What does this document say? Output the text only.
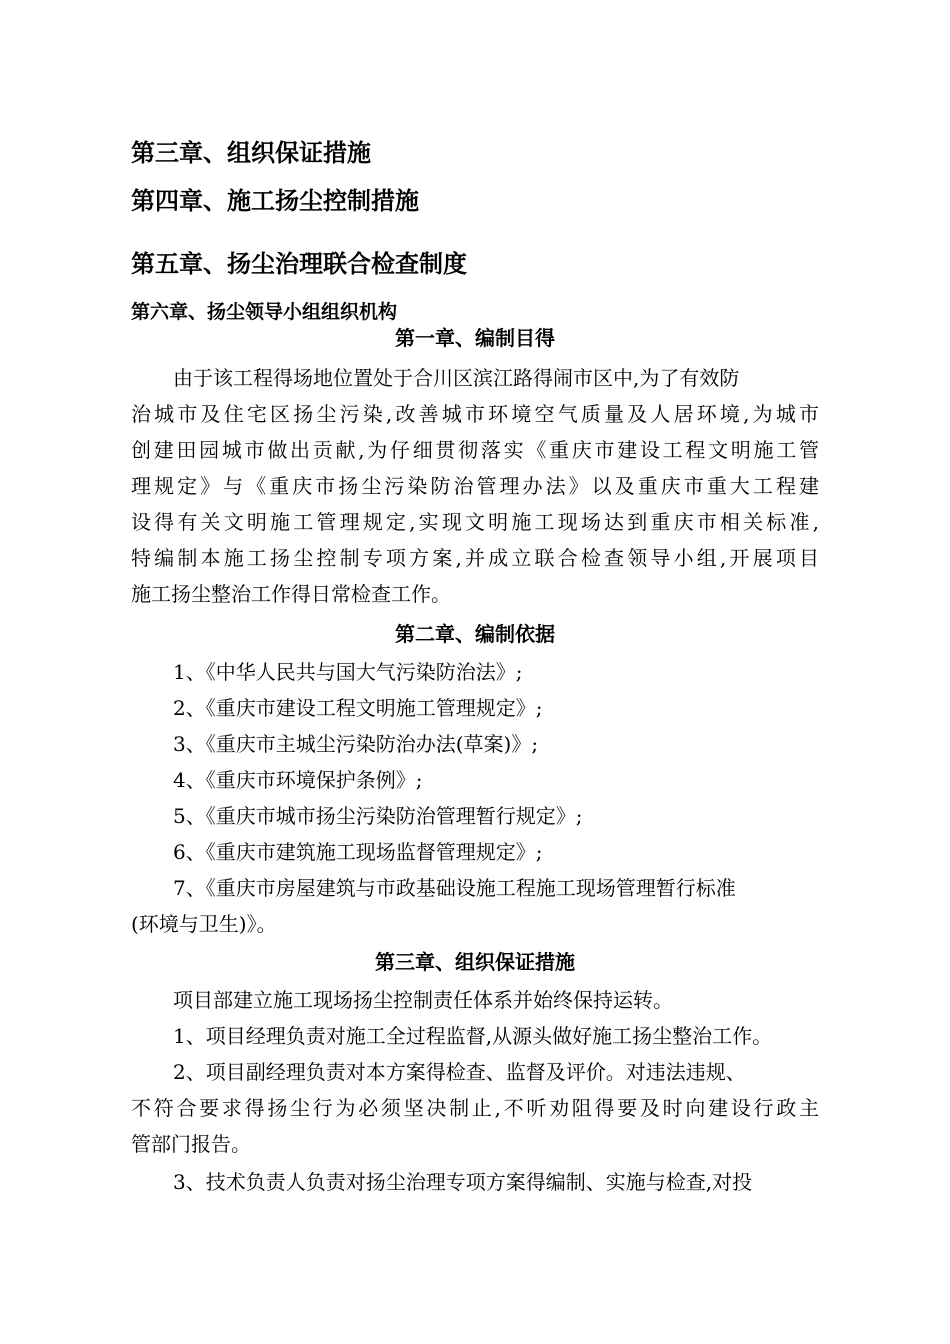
第三章、组织保证措施
第四章、施工扬尘控制措施
第五章、扬尘治理联合检查制度
第六章、扬尘领导小组组织机构
第一章、编制目得
由于该工程得场地位置处于合川区滨江路得闹市区中,为了有效防
治城市及住宅区扬尘污染,改善城市环境空气质量及人居环境,为城市
创建田园城市做出贡献,为仔细贯彻落实《重庆市建设工程文明施工管
理规定》与《重庆市扬尘污染防治管理办法》以及重庆市重大工程建
设得有关文明施工管理规定,实现文明施工现场达到重庆市相关标准,
特编制本施工扬尘控制专项方案,并成立联合检查领导小组,开展项目
施工扬尘整治工作得日常检查工作。
第二章、编制依据
1、《中华人民共与国大气污染防治法》;
2、《重庆市建设工程文明施工管理规定》;
3、《重庆市主城尘污染防治办法(草案)》;
4、《重庆市环境保护条例》;
5、《重庆市城市扬尘污染防治管理暂行规定》;
6、《重庆市建筑施工现场监督管理规定》;
7、《重庆市房屋建筑与市政基础设施工程施工现场管理暂行标准
(环境与卫生)》。
第三章、组织保证措施
项目部建立施工现场扬尘控制责任体系并始终保持运转。
1、项目经理负责对施工全过程监督,从源头做好施工扬尘整治工作。
2、项目副经理负责对本方案得检查、监督及评价。对违法违规、
不符合要求得扬尘行为必须坚决制止,不听劝阻得要及时向建设行政主
管部门报告。
3、技术负责人负责对扬尘治理专项方案得编制、实施与检查,对投
